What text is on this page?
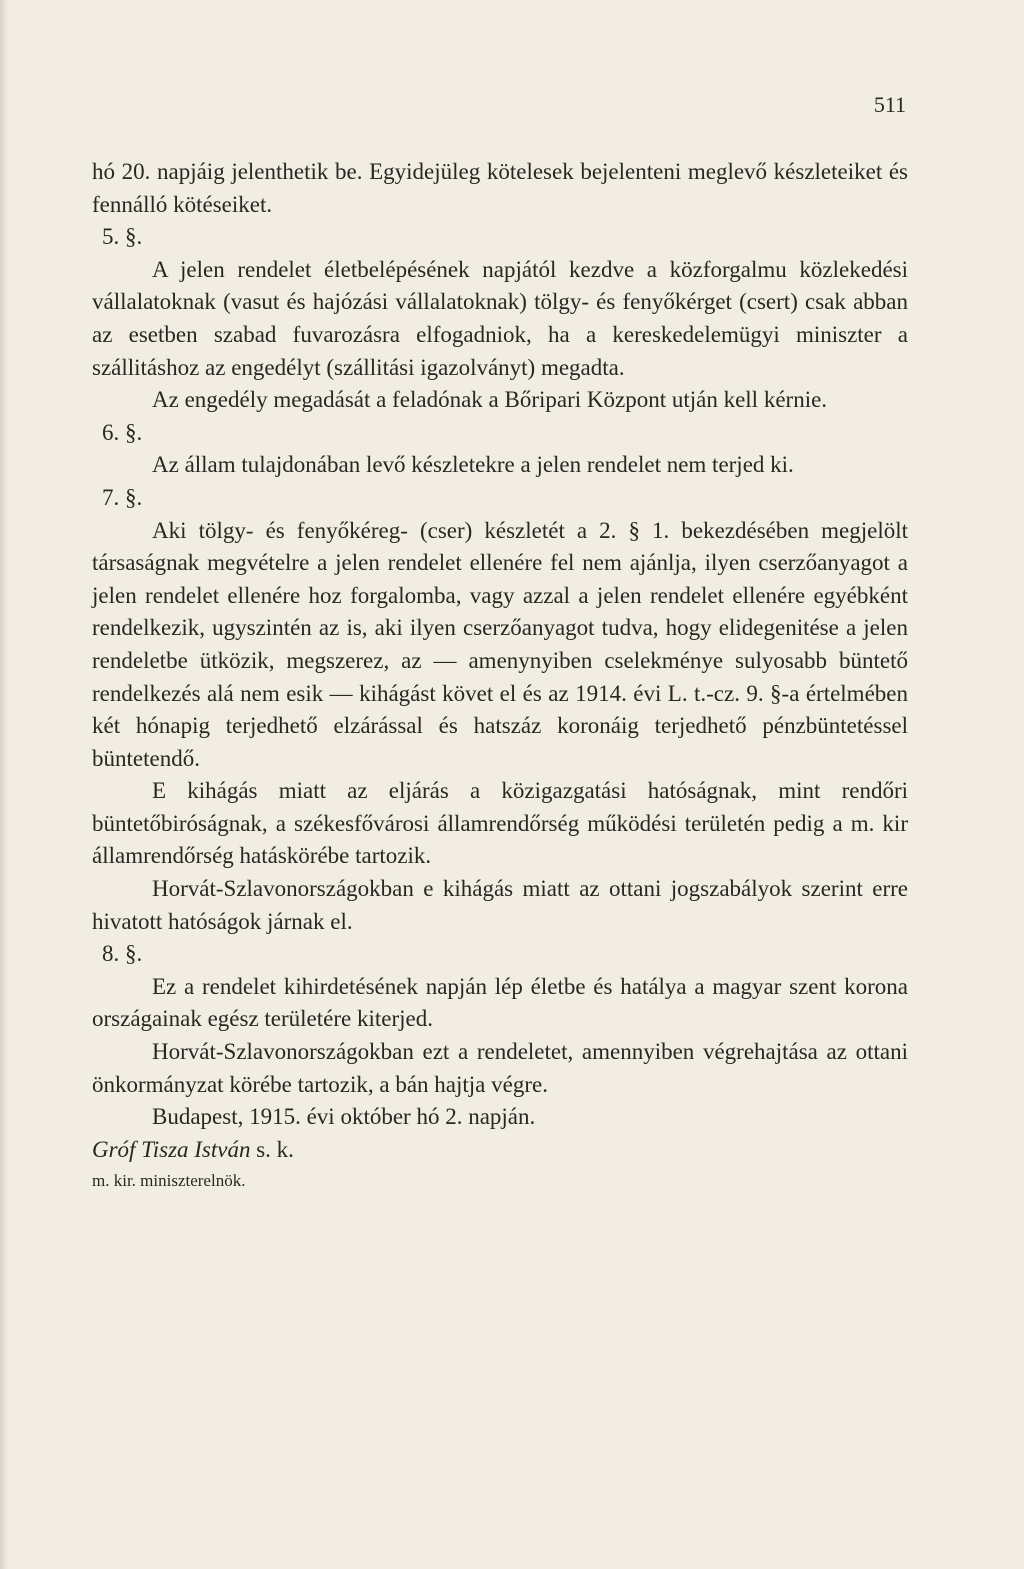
511

hó 20. napjáig jelenthetik be. Egyidejüleg kötelesek bejelenteni meglevő készleteiket és fennálló kötéseiket.

5. §.

A jelen rendelet életbelépésének napjától kezdve a közforgalmu közlekedési vállalatoknak (vasut és hajózási vállalatoknak) tölgy- és fenyőkérget (csert) csak abban az esetben szabad fuvarozásra elfogadniok, ha a kereskedelemügyi miniszter a szállitáshoz az engedélyt (szállitási igazolványt) megadta.

Az engedély megadását a feladónak a Bőripari Központ utján kell kérnie.

6. §.

Az állam tulajdonában levő készletekre a jelen rendelet nem terjed ki.

7. §.

Aki tölgy- és fenyőkéreg- (cser) készletét a 2. § 1. bekezdésében megjelölt társaságnak megvételre a jelen rendelet ellenére fel nem ajánlja, ilyen cserzőanyagot a jelen rendelet ellenére hoz forgalomba, vagy azzal a jelen rendelet ellenére egyébként rendelkezik, ugyszintén az is, aki ilyen cserzőanyagot tudva, hogy elidegenitése a jelen rendeletbe ütközik, megszerez, az — amenynyiben cselekménye sulyosabb büntető rendelkezés alá nem esik — kihágást követ el és az 1914. évi L. t.-cz. 9. §-a értelmében két hónapig terjedhető elzárással és hatszáz koronáig terjedhető pénzbüntetéssel büntetendő.

E kihágás miatt az eljárás a közigazgatási hatóságnak, mint rendőri büntetőbiróságnak, a székesfővárosi államrendőrség működési területén pedig a m. kir államrendőrség hatáskörébe tartozik.

Horvát-Szlavonországokban e kihágás miatt az ottani jogszabályok szerint erre hivatott hatóságok járnak el.

8. §.

Ez a rendelet kihirdetésének napján lép életbe és hatálya a magyar szent korona országainak egész területére kiterjed.

Horvát-Szlavonországokban ezt a rendeletet, amennyiben végrehajtása az ottani önkormányzat körébe tartozik, a bán hajtja végre.

Budapest, 1915. évi október hó 2. napján.

Gróf Tisza István s. k.

m. kir. miniszterelnök.
